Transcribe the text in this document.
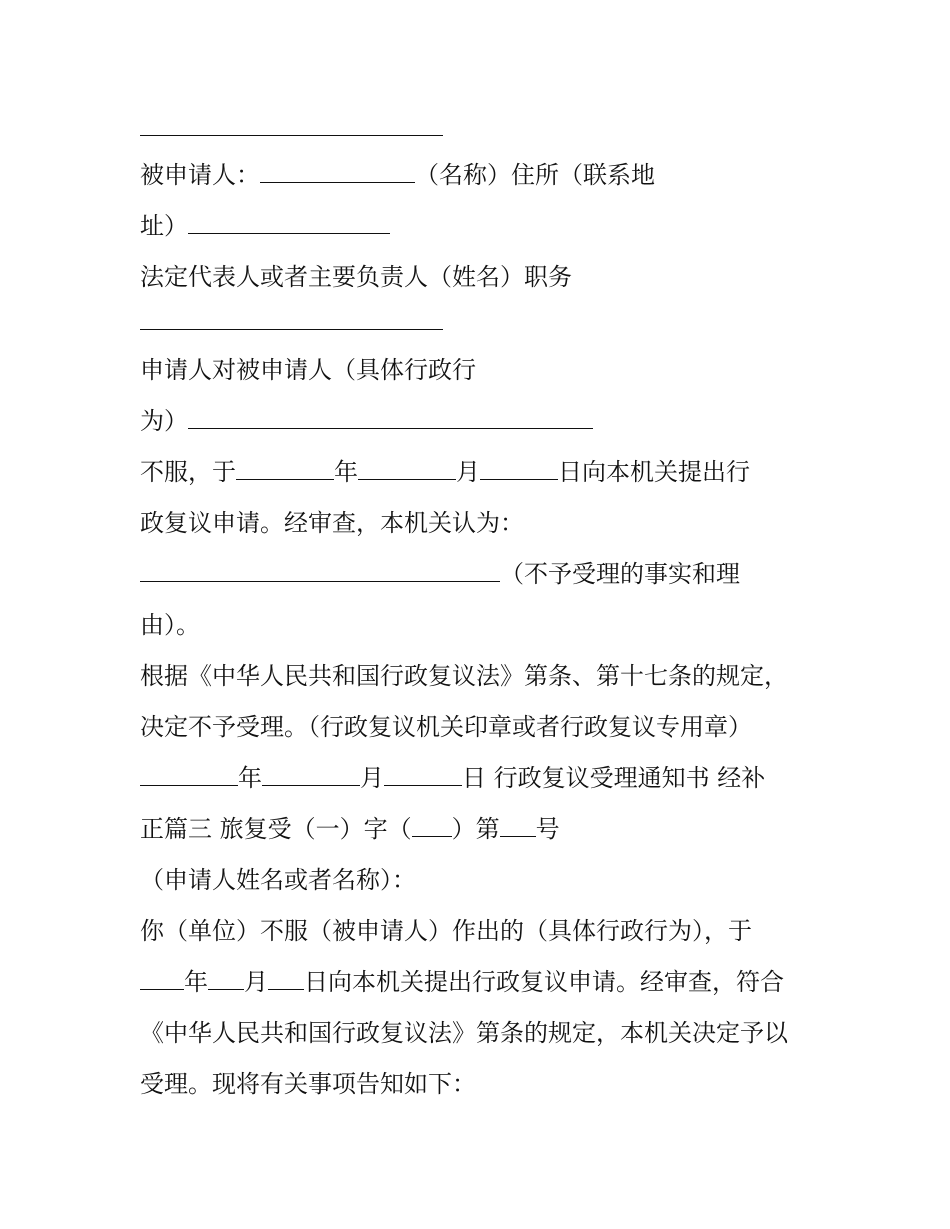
被申请人：	（名称）住所（联系地
址）
法定代表人或者主要负责人（姓名）职务
申请人对被申请人（具体行政行
为）
不服，于	年	月	日向本机关提出行
政复议申请。经审查，本机关认为：
（不予受理的事实和理
由）。
根据《中华人民共和国行政复议法》第条、第十七条的规定，
决定不予受理。（行政复议机关印章或者行政复议专用章）
年	月	日 行政复议受理通知书 经补
正篇三 旅复受（一）字（ ）第 号
（申请人姓名或者名称）：
你（单位）不服（被申请人）作出的（具体行政行为），于
年 月 日向本机关提出行政复议申请。经审查，符合
《中华人民共和国行政复议法》第条的规定，本机关决定予以
受理。现将有关事项告知如下：
